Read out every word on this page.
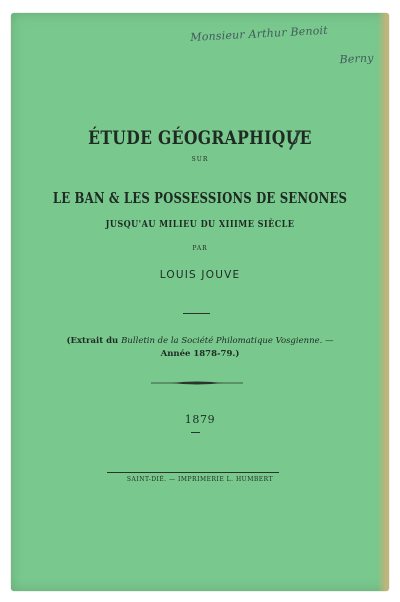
Monsieur Arthur Benoit
Berny
ÉTUDE GÉOGRAPHIQUE
SUR
LE BAN & LES POSSESSIONS DE SENONES
JUSQU'AU MILIEU DU XIIIME SIÈCLE
PAR
LOUIS JOUVE
(Extrait du Bulletin de la Société Philomatique Vosgienne. —
Année 1878-79.)
1879
SAINT-DIÉ. — IMPRIMERIE L. HUMBERT
